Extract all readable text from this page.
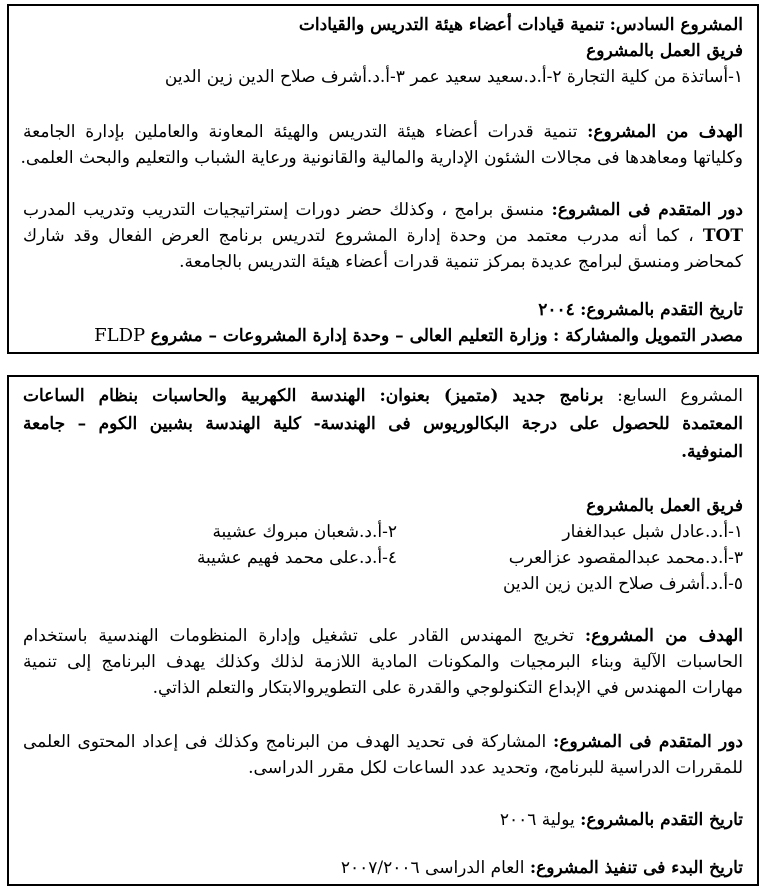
المشروع السادس: تنمية قيادات أعضاء هيئة التدريس والقيادات
فريق العمل بالمشروع
١-أساتذة من كلية التجارة ٢-أ.د.سعيد سعيد عمر ٣-أ.د.أشرف صلاح الدين زين الدين
الهدف من المشروع: تنمية قدرات أعضاء هيئة التدريس والهيئة المعاونة والعاملين بإدارة الجامعة
وكلياتها ومعاهدها فى مجالات الشئون الإدارية والمالية والقانونية ورعاية الشباب والتعليم والبحث العلمى.
دور المتقدم فى المشروع: منسق برامج ، وكذلك حضر دورات إستراتيجيات التدريب وتدريب المدرب
TOT ، كما أنه مدرب معتمد من وحدة إدارة المشروع لتدريس برنامج العرض الفعال وقد شارك
كمحاضر ومنسق لبرامج عديدة بمركز تنمية قدرات أعضاء هيئة التدريس بالجامعة.
تاريخ التقدم بالمشروع: ٢٠٠٤
مصدر التمويل والمشاركة : وزارة التعليم العالى – وحدة إدارة المشروعات – مشروع FLDP
المشروع السابع: برنامج جديد (متميز) بعنوان: الهندسة الكهربية والحاسبات بنظام الساعات
المعتمدة للحصول على درجة البكالوريوس فى الهندسة- كلية الهندسة بشبين الكوم – جامعة
المنوفية.
فريق العمل بالمشروع
١-أ.د.عادل شبل عبدالغفار
٢-أ.د.شعبان مبروك عشيبة
٣-أ.د.محمد عبدالمقصود عزالعرب
٤-أ.د.على محمد فهيم عشيبة
٥-أ.د.أشرف صلاح الدين زين الدين
الهدف من المشروع: تخريج المهندس القادر على تشغيل وإدارة المنظومات الهندسية باستخدام
الحاسبات الآلية وبناء البرمجيات والمكونات المادية اللازمة لذلك وكذلك يهدف البرنامج إلى تنمية
مهارات المهندس في الإبداع التكنولوجي والقدرة على التطويروالابتكار والتعلم الذاتي.
دور المتقدم فى المشروع: المشاركة فى تحديد الهدف من البرنامج وكذلك فى إعداد المحتوى العلمى
للمقررات الدراسية للبرنامج، وتحديد عدد الساعات لكل مقرر الدراسى.
تاريخ التقدم بالمشروع: يولية ٢٠٠٦
تاريخ البدء فى تنفيذ المشروع: العام الدراسى ٢٠٠٧/٢٠٠٦
